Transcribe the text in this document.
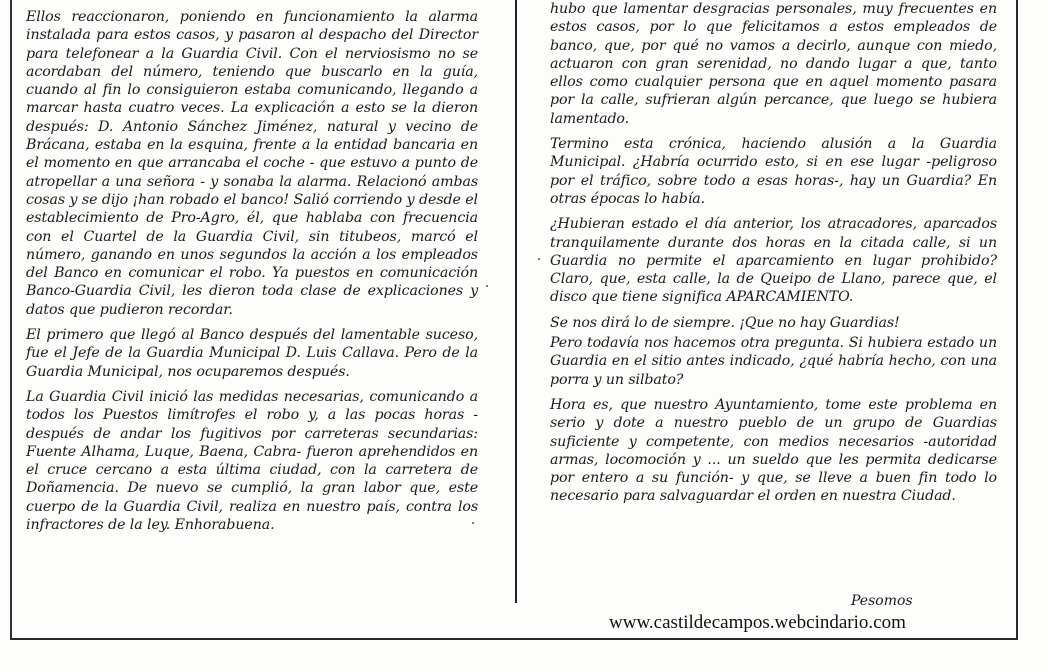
Ellos reaccionaron, poniendo en funcionamiento la alarma instalada para estos casos, y pasaron al despacho del Director para telefonear a la Guardia Civil. Con el nerviosismo no se acordaban del número, teniendo que buscarlo en la guía, cuando al fin lo consiguieron estaba comunicando, llegando a marcar hasta cuatro veces. La explicación a esto se la dieron después: D. Antonio Sánchez Jiménez, natural y vecino de Brácana, estaba en la esquina, frente a la entidad bancaria en el momento en que arrancaba el coche - que estuvo a punto de atropellar a una señora - y sonaba la alarma. Relacionó ambas cosas y se dijo ¡han robado el banco! Salió corriendo y desde el establecimiento de Pro-Agro, él, que hablaba con frecuencia con el Cuartel de la Guardia Civil, sin titubeos, marcó el número, ganando en unos segundos la acción a los empleados del Banco en comunicar el robo. Ya puestos en comunicación Banco-Guardia Civil, les dieron toda clase de explicaciones y datos que pudieron recordar.

El primero que llegó al Banco después del lamentable suceso, fue el Jefe de la Guardia Municipal D. Luis Callava. Pero de la Guardia Municipal, nos ocuparemos después.

La Guardia Civil inició las medidas necesarias, comunicando a todos los Puestos limítrofes el robo y, a las pocas horas -después de andar los fugitivos por carreteras secundarias: Fuente Alhama, Luque, Baena, Cabra- fueron aprehendidos en el cruce cercano a esta última ciudad, con la carretera de Doñamencia. De nuevo se cumplió, la gran labor que, este cuerpo de la Guardia Civil, realiza en nuestro país, contra los infractores de la ley. Enhorabuena.

hubo que lamentar desgracias personales, muy frecuentes en estos casos, por lo que felicitamos a estos empleados de banco, que, por qué no vamos a decirlo, aunque con miedo, actuaron con gran serenidad, no dando lugar a que, tanto ellos como cualquier persona que en aquel momento pasara por la calle, sufrieran algún percance, que luego se hubiera lamentado.

Termino esta crónica, haciendo alusión a la Guardia Municipal. ¿Habría ocurrido esto, si en ese lugar -peligroso por el tráfico, sobre todo a esas horas-, hay un Guardia? En otras épocas lo había.

¿Hubieran estado el día anterior, los atracadores, aparcados tranquilamente durante dos horas en la citada calle, si un Guardia no permite el aparcamiento en lugar prohibido? Claro, que, esta calle, la de Queipo de Llano, parece que, el disco que tiene significa APARCAMIENTO.

Se nos dirá lo de siempre. ¡Que no hay Guardias!

Pero todavía nos hacemos otra pregunta. Si hubiera estado un Guardia en el sitio antes indicado, ¿qué habría hecho, con una porra y un silbato?

Hora es, que nuestro Ayuntamiento, tome este problema en serio y dote a nuestro pueblo de un grupo de Guardias suficiente y competente, con medios necesarios -autoridad armas, locomoción y ... un sueldo que les permita dedicarse por entero a su función- y que, se lleve a buen fin todo lo necesario para salvaguardar el orden en nuestra Ciudad.

Pesomos
www.castildecampos.webcindario.com
